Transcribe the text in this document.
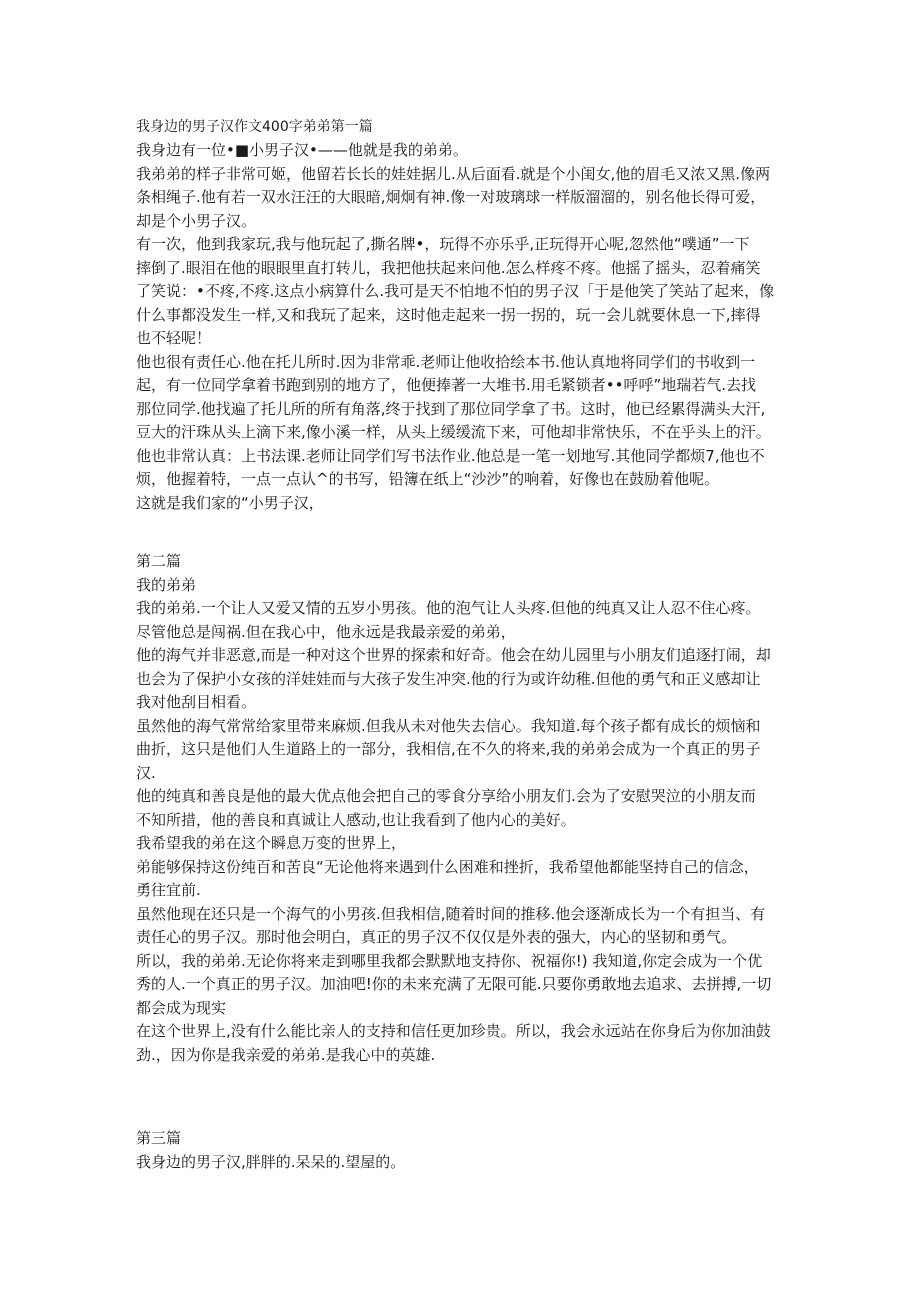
我身边的男子汉作文400字弟弟第一篇

我身边有一位•■小男子汉•——他就是我的弟弟。

我弟弟的样子非常可姬，他留若长长的娃娃据儿.从后面看.就是个小闺女,他的眉毛又浓又黑.像两

条相绳子.他有若一双水汪汪的大眼暗,炯炯有神.像一对玻璃球一样版溜溜的，别名他长得可爱，

却是个小男子汉。

有一次，他到我家玩,我与他玩起了,撕名牌•，玩得不亦乐乎,正玩得开心呢,忽然他“噗通”一下

摔倒了.眼泪在他的眼眼里直打转儿，我把他扶起来问他.怎么样疼不疼。他摇了摇头，忍着痛笑

了笑说：•不疼,不疼.这点小病算什么.我可是天不怕地不怕的男子汉「于是他笑了笑站了起来，像

什么事都没发生一样,又和我玩了起来，这时他走起来一拐一拐的，玩一会儿就要休息一下,摔得

也不轻呢！

他也很有责任心.他在托儿所时.因为非常乖.老师让他收拾绘本书.他认真地将同学们的书收到一

起，有一位同学拿着书跑到别的地方了，他便捧著一大堆书.用毛紧锁者••呼呼”地瑞若气.去找

那位同学.他找遍了托儿所的所有角落,终于找到了那位同学拿了书。这时，他已经累得满头大汗,

豆大的汗珠从头上滴下来,像小溪一样，从头上缓缓流下来，可他却非常快乐，不在乎头上的汗。

他也非常认真：上书法课.老师让同学们写书法作业.他总是一笔一划地写.其他同学都烦7,他也不

烦，他握着特，一点一点认^的书写，铅簿在纸上“沙沙”的响着，好像也在鼓励着他呢。

这就是我们家的“小男子汉，

第二篇

我的弟弟

我的弟弟.一个让人又爱又情的五岁小男孩。他的泡气让人头疼.但他的纯真又让人忍不住心疼。

尽管他总是闯祸.但在我心中，他永远是我最亲爱的弟弟，

他的海气并非恶意,而是一种对这个世界的探索和好奇。他会在幼儿园里与小朋友们追逐打闹，却

也会为了保护小女孩的洋娃娃而与大孩子发生冲突.他的行为或许幼稚.但他的勇气和正义感却让

我对他刮目相看。

虽然他的海气常常给家里带来麻烦.但我从未对他失去信心。我知道.每个孩子都有成长的烦恼和

曲折，这只是他们人生道路上的一部分，我相信,在不久的将来,我的弟弟会成为一个真正的男子

汉.

他的纯真和善良是他的最大优点他会把自己的零食分享给小朋友们.会为了安慰哭泣的小朋友而

不知所措，他的善良和真诚让人感动,也让我看到了他内心的美好。

我希望我的弟在这个瞬息万变的世界上，

弟能够保持这份纯百和苦良“无论他将来遇到什么困难和挫折，我希望他都能坚持自己的信念，

勇往宜前.

虽然他现在还只是一个海气的小男孩.但我相信,随着时间的推移.他会逐渐成长为一个有担当、有

责任心的男子汉。那时他会明白，真正的男子汉不仅仅是外表的强大，内心的坚韧和勇气。

所以，我的弟弟.无论你将来走到哪里我都会默默地支持你、祝福你!) 我知道,你定会成为一个优

秀的人.一个真正的男子汉。加油吧!你的未来充满了无限可能.只要你勇敢地去追求、去拼搏,一切

都会成为现实

在这个世界上,没有什么能比亲人的支持和信任更加珍贵。所以，我会永远站在你身后为你加油鼓

劲.，因为你是我亲爱的弟弟.是我心中的英雄.

第三篇

我身边的男子汉,胖胖的.呆呆的.望屋的。
